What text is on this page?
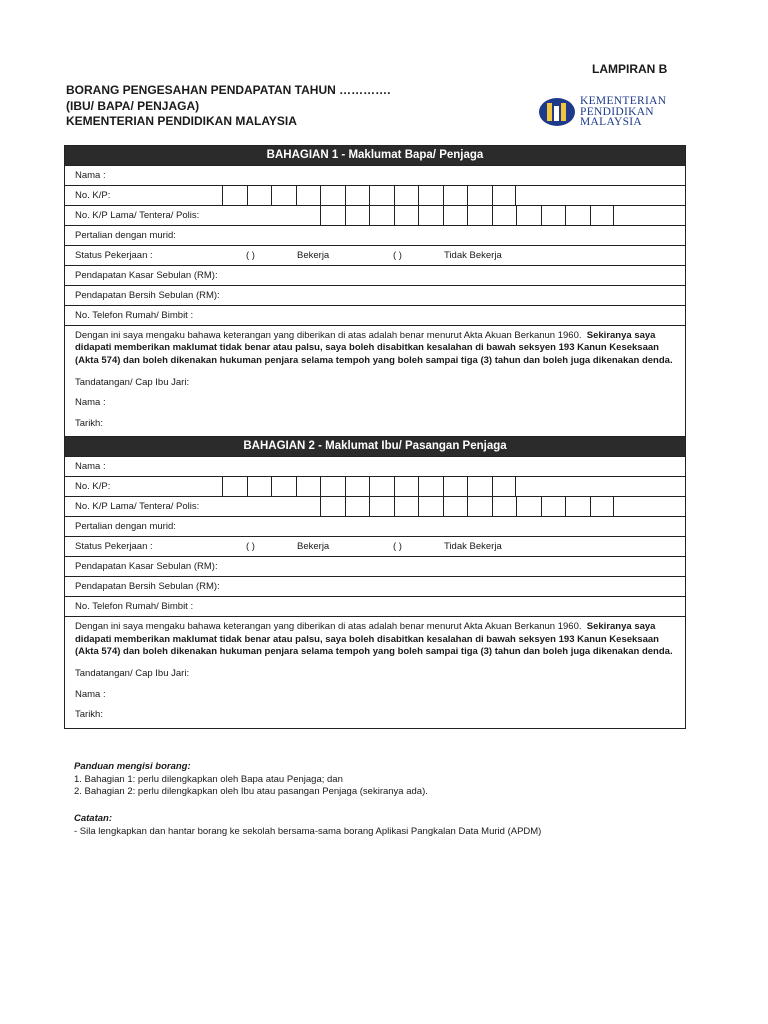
LAMPIRAN B
BORANG PENGESAHAN PENDAPATAN TAHUN ………….
(IBU/ BAPA/ PENJAGA)
KEMENTERIAN PENDIDIKAN MALAYSIA
KEMENTERIAN
PENDIDIKAN
MALAYSIA
BAHAGIAN 1 - Maklumat Bapa/ Penjaga
Nama :
No. K/P:
No. K/P Lama/ Tentera/ Polis:
Pertalian dengan murid:
Status Pekerjaan :	( )	Bekerja	( )	Tidak Bekerja
Pendapatan Kasar Sebulan (RM):
Pendapatan Bersih Sebulan (RM):
No. Telefon Rumah/ Bimbit :

Dengan ini saya mengaku bahawa keterangan yang diberikan di atas adalah benar menurut Akta Akuan Berkanun 1960. Sekiranya saya didapati memberikan maklumat tidak benar atau palsu, saya boleh disabitkan kesalahan di bawah seksyen 193 Kanun Keseksaan (Akta 574) dan boleh dikenakan hukuman penjara selama tempoh yang boleh sampai tiga (3) tahun dan boleh juga dikenakan denda.

Tandatangan/ Cap Ibu Jari:
Nama :
Tarikh:
BAHAGIAN 2 - Maklumat Ibu/ Pasangan Penjaga
Nama :
No. K/P:
No. K/P Lama/ Tentera/ Polis:
Pertalian dengan murid:
Status Pekerjaan :	( )	Bekerja	( )	Tidak Bekerja
Pendapatan Kasar Sebulan (RM):
Pendapatan Bersih Sebulan (RM):
No. Telefon Rumah/ Bimbit :

Dengan ini saya mengaku bahawa keterangan yang diberikan di atas adalah benar menurut Akta Akuan Berkanun 1960. Sekiranya saya didapati memberikan maklumat tidak benar atau palsu, saya boleh disabitkan kesalahan di bawah seksyen 193 Kanun Keseksaan (Akta 574) dan boleh dikenakan hukuman penjara selama tempoh yang boleh sampai tiga (3) tahun dan boleh juga dikenakan denda.

Tandatangan/ Cap Ibu Jari:
Nama :
Tarikh:
Panduan mengisi borang:
1. Bahagian 1: perlu dilengkapkan oleh Bapa atau Penjaga; dan
2. Bahagian 2: perlu dilengkapkan oleh Ibu atau pasangan Penjaga (sekiranya ada).
Catatan:
- Sila lengkapkan dan hantar borang ke sekolah bersama-sama borang Aplikasi Pangkalan Data Murid (APDM)
